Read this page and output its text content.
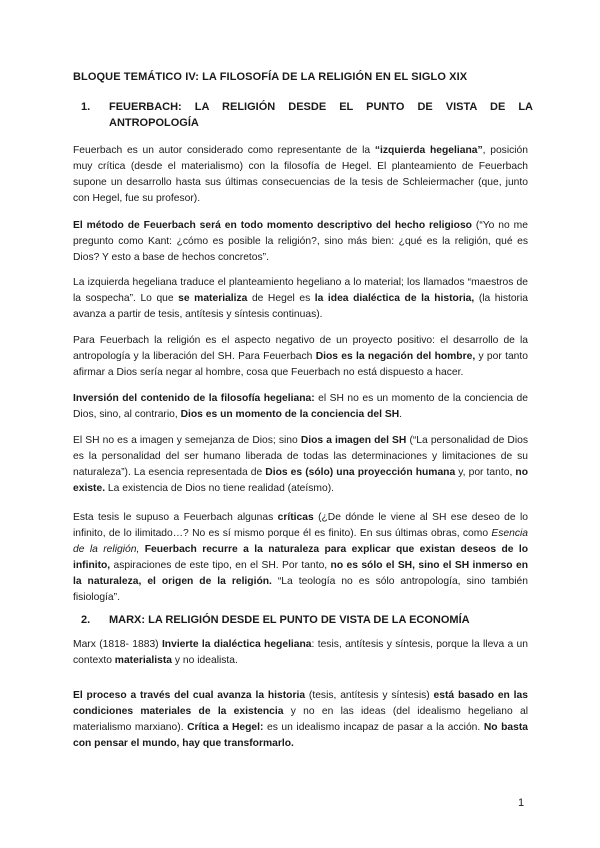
BLOQUE TEMÁTICO IV: LA FILOSOFÍA DE LA RELIGIÓN EN EL SIGLO XIX
1. FEUERBACH: LA RELIGIÓN DESDE EL PUNTO DE VISTA DE LA ANTROPOLOGÍA

Feuerbach es un autor considerado como representante de la “izquierda hegeliana”, posición muy crítica (desde el materialismo) con la filosofía de Hegel. El planteamiento de Feuerbach supone un desarrollo hasta sus últimas consecuencias de la tesis de Schleiermacher (que, junto con Hegel, fue su profesor).

El método de Feuerbach será en todo momento descriptivo del hecho religioso (“Yo no me pregunto como Kant: ¿cómo es posible la religión?, sino más bien: ¿qué es la religión, qué es Dios? Y esto a base de hechos concretos”.

La izquierda hegeliana traduce el planteamiento hegeliano a lo material; los llamados “maestros de la sospecha”. Lo que se materializa de Hegel es la idea dialéctica de la historia, (la historia avanza a partir de tesis, antítesis y síntesis continuas).

Para Feuerbach la religión es el aspecto negativo de un proyecto positivo: el desarrollo de la antropología y la liberación del SH. Para Feuerbach Dios es la negación del hombre, y por tanto afirmar a Dios sería negar al hombre, cosa que Feuerbach no está dispuesto a hacer.

Inversión del contenido de la filosofía hegeliana: el SH no es un momento de la conciencia de Dios, sino, al contrario, Dios es un momento de la conciencia del SH.

El SH no es a imagen y semejanza de Dios; sino Dios a imagen del SH (“La personalidad de Dios es la personalidad del ser humano liberada de todas las determinaciones y limitaciones de su naturaleza”). La esencia representada de Dios es (sólo) una proyección humana y, por tanto, no existe. La existencia de Dios no tiene realidad (ateísmo).

Esta tesis le supuso a Feuerbach algunas críticas (¿De dónde le viene al SH ese deseo de lo infinito, de lo ilimitado…? No es sí mismo porque él es finito). En sus últimas obras, como Esencia de la religión, Feuerbach recurre a la naturaleza para explicar que existan deseos de lo infinito, aspiraciones de este tipo, en el SH. Por tanto, no es sólo el SH, sino el SH inmerso en la naturaleza, el origen de la religión. “La teología no es sólo antropología, sino también fisiología”.

2. MARX: LA RELIGIÓN DESDE EL PUNTO DE VISTA DE LA ECONOMÍA

Marx (1818- 1883) Invierte la dialéctica hegeliana: tesis, antítesis y síntesis, porque la lleva a un contexto materialista y no idealista.

El proceso a través del cual avanza la historia (tesis, antítesis y síntesis) está basado en las condiciones materiales de la existencia y no en las ideas (del idealismo hegeliano al materialismo marxiano). Crítica a Hegel: es un idealismo incapaz de pasar a la acción. No basta con pensar el mundo, hay que transformarlo.

1
